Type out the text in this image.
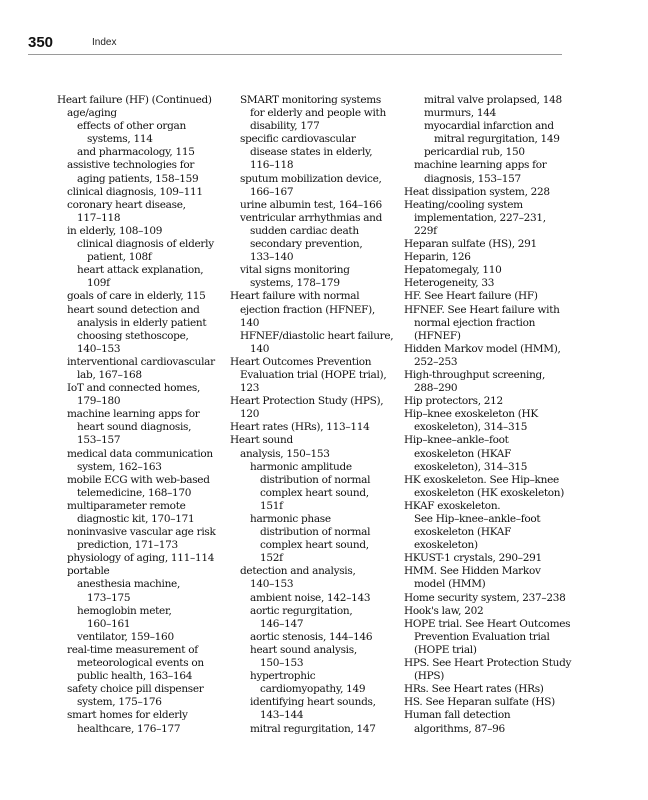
350	Index
Heart failure (HF) (Continued)
age/aging
effects of other organ
systems, 114
and pharmacology, 115
assistive technologies for
aging patients, 158–159
clinical diagnosis, 109–111
coronary heart disease,
117–118
in elderly, 108–109
clinical diagnosis of elderly
patient, 108f
heart attack explanation,
109f
goals of care in elderly, 115
heart sound detection and
analysis in elderly patient
choosing stethoscope,
140–153
interventional cardiovascular
lab, 167–168
IoT and connected homes,
179–180
machine learning apps for
heart sound diagnosis,
153–157
medical data communication
system, 162–163
mobile ECG with web-based
telemedicine, 168–170
multiparameter remote
diagnostic kit, 170–171
noninvasive vascular age risk
prediction, 171–173
physiology of aging, 111–114
portable
anesthesia machine,
173–175
hemoglobin meter,
160–161
ventilator, 159–160
real-time measurement of
meteorological events on
public health, 163–164
safety choice pill dispenser
system, 175–176
smart homes for elderly
healthcare, 176–177
SMART monitoring systems
for elderly and people with
disability, 177
specific cardiovascular
disease states in elderly,
116–118
sputum mobilization device,
166–167
urine albumin test, 164–166
ventricular arrhythmias and
sudden cardiac death
secondary prevention,
133–140
vital signs monitoring
systems, 178–179
Heart failure with normal
ejection fraction (HFNEF),
140
HFNEF/diastolic heart failure,
140
Heart Outcomes Prevention
Evaluation trial (HOPE trial),
123
Heart Protection Study (HPS),
120
Heart rates (HRs), 113–114
Heart sound
analysis, 150–153
harmonic amplitude
distribution of normal
complex heart sound,
151f
harmonic phase
distribution of normal
complex heart sound,
152f
detection and analysis,
140–153
ambient noise, 142–143
aortic regurgitation,
146–147
aortic stenosis, 144–146
heart sound analysis,
150–153
hypertrophic
cardiomyopathy, 149
identifying heart sounds,
143–144
mitral regurgitation, 147
mitral valve prolapsed, 148
murmurs, 144
myocardial infarction and
mitral regurgitation, 149
pericardial rub, 150
machine learning apps for
diagnosis, 153–157
Heat dissipation system, 228
Heating/cooling system
implementation, 227–231,
229f
Heparan sulfate (HS), 291
Heparin, 126
Hepatomegaly, 110
Heterogeneity, 33
HF. See Heart failure (HF)
HFNEF. See Heart failure with
normal ejection fraction
(HFNEF)
Hidden Markov model (HMM),
252–253
High-throughput screening,
288–290
Hip protectors, 212
Hip–knee exoskeleton (HK
exoskeleton), 314–315
Hip–knee–ankle–foot
exoskeleton (HKAF
exoskeleton), 314–315
HK exoskeleton. See Hip–knee
exoskeleton (HK exoskeleton)
HKAF exoskeleton.
See Hip–knee–ankle–foot
exoskeleton (HKAF
exoskeleton)
HKUST-1 crystals, 290–291
HMM. See Hidden Markov
model (HMM)
Home security system, 237–238
Hook's law, 202
HOPE trial. See Heart Outcomes
Prevention Evaluation trial
(HOPE trial)
HPS. See Heart Protection Study
(HPS)
HRs. See Heart rates (HRs)
HS. See Heparan sulfate (HS)
Human fall detection
algorithms, 87–96
